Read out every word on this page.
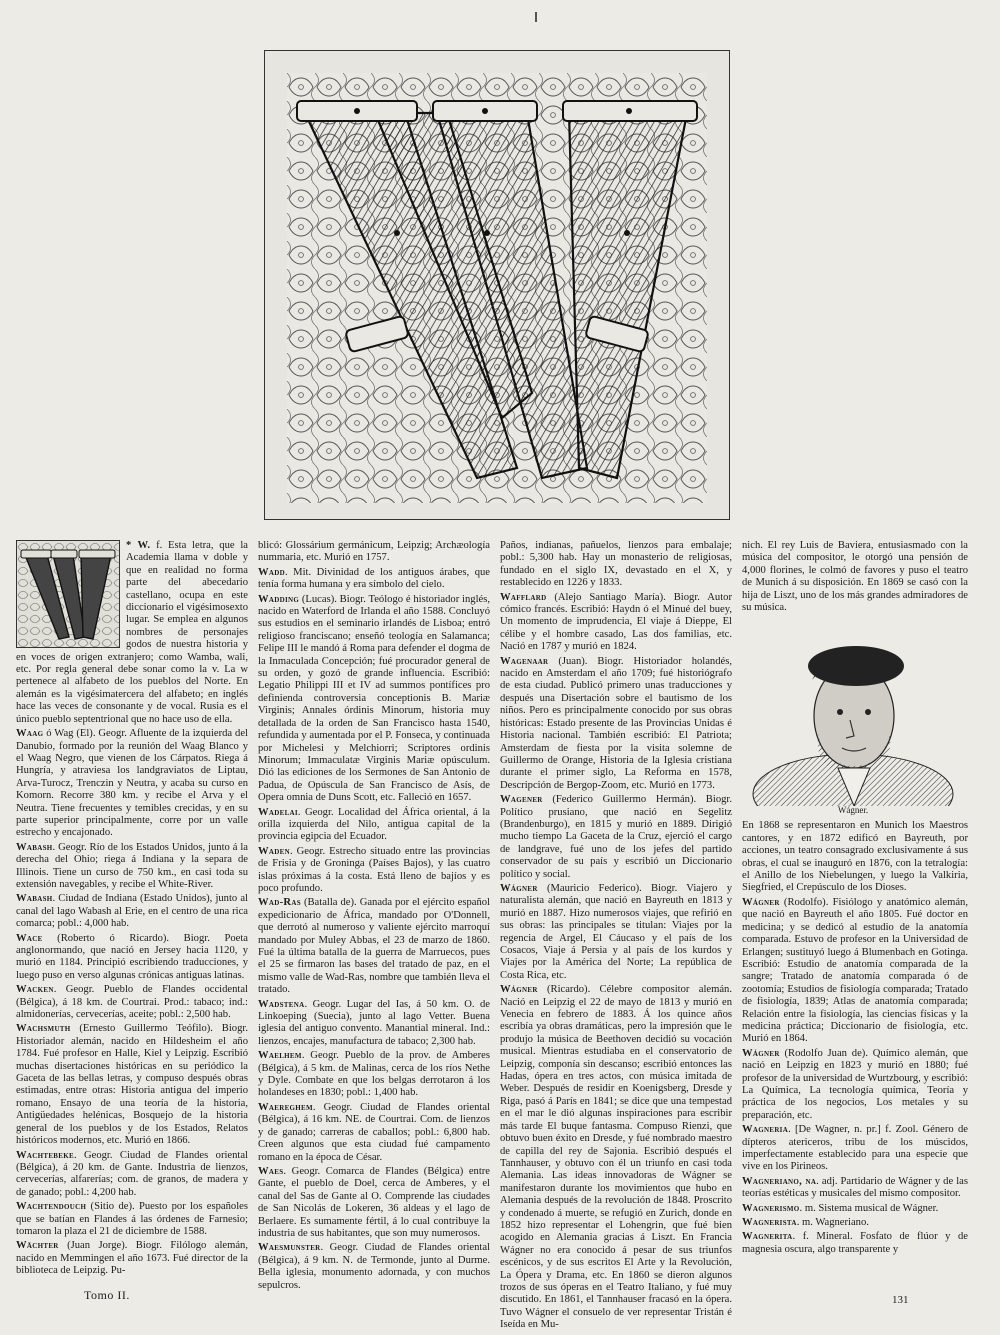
* W. f. Esta letra, que la Academia llama v doble y que en realidad no forma parte del abecedario castellano, ocupa en este diccionario el vigésimosexto lugar. Se emplea en algunos nombres de personajes godos de nuestra historia y en voces de origen extranjero; como Wamba, wali, etc. Por regla general debe sonar como la v. La w pertenece al alfabeto de los pueblos del Norte. En alemán es la vigésimatercera del alfabeto; en inglés hace las veces de consonante y de vocal. Rusia es el único pueblo septentrional que no hace uso de ella.

Waag ó Wag (El). Geogr. Afluente de la izquierda del Danubio, formado por la reunión del Waag Blanco y el Waag Negro, que vienen de los Cárpatos. Riega á Hungría, y atraviesa los landgraviatos de Liptau, Arva-Turocz, Trenczin y Neutra, y acaba su curso en Komorn. Recorre 380 km. y recibe el Arva y el Neutra. Tiene frecuentes y temibles crecidas, y en su parte superior principalmente, corre por un valle estrecho y encajonado.

Wabash. Geogr. Río de los Estados Unidos, junto á la derecha del Ohio; riega á Indiana y la separa de Illinois. Tiene un curso de 750 km., en casi toda su extensión navegables, y recibe el White-River.

Wabash. Ciudad de Indiana (Estado Unidos), junto al canal del lago Wabash al Erie, en el centro de una rica comarca; pobl.: 4,000 hab.

Wace (Roberto ó Ricardo). Biogr. Poeta anglonormando, que nació en Jersey hacia 1120, y murió en 1184. Principió escribiendo traducciones, y luego puso en verso algunas crónicas antiguas latinas.

Wacken. Geogr. Pueblo de Flandes occidental (Bélgica), á 18 km. de Courtrai. Prod.: tabaco; ind.: almidonerías, cervecerías, aceite; pobl.: 2,500 hab.

Wachsmuth (Ernesto Guillermo Teófilo). Biogr. Historiador alemán, nacido en Hildesheim el año 1784. Fué profesor en Halle, Kiel y Leipzig. Escribió muchas disertaciones históricas en su periódico la Gaceta de las bellas letras, y compuso después obras estimadas, entre otras: Historia antigua del imperio romano, Ensayo de una teoría de la historia, Antigüedades helénicas, Bosquejo de la historia general de los pueblos y de los Estados, Relatos históricos modernos, etc. Murió en 1866.

Wachtebeke. Geogr. Ciudad de Flandes oriental (Bélgica), á 20 km. de Gante. Industria de lienzos, cervecerías, alfarerías; com. de granos, de madera y de ganado; pobl.: 4,200 hab.

Wachtendouch (Sitio de). Puesto por los españoles que se batían en Flandes á las órdenes de Farnesio; tomaron la plaza el 21 de diciembre de 1588.

Wächter (Juan Jorge). Biogr. Filólogo alemán, nacido en Memmingen el año 1673. Fué director de la biblioteca de Leipzig. Pu-

blicó: Glossárium germánicum, Leipzig; Archæología nummaria, etc. Murió en 1757.

Wadd. Mit. Divinidad de los antiguos árabes, que tenía forma humana y era símbolo del cielo.

Wadding (Lucas). Biogr. Teólogo é historiador inglés, nacido en Waterford de Irlanda el año 1588. Concluyó sus estudios en el seminario irlandés de Lisboa; entró religioso franciscano; enseñó teología en Salamanca; Felipe III le mandó á Roma para defender el dogma de la Inmaculada Concepción; fué procurador general de su orden, y gozó de grande influencia. Escribió: Legatio Philippi III et IV ad summos pontífices pro definienda controversia conceptionis B. Mariæ Virginis; Annales órdinis Minorum, historia muy detallada de la orden de San Francisco hasta 1540, refundida y aumentada por el P. Fonseca, y continuada por Michelesi y Melchiorri; Scriptores ordinis Minorum; Immaculatæ Virginis Mariæ opúsculum. Dió las ediciones de los Sermones de San Antonio de Padua, de Opúscula de San Francisco de Asís, de Opera omnia de Duns Scott, etc. Falleció en 1657.

Wadelai. Geogr. Localidad del África oriental, á la orilla izquierda del Nilo, antigua capital de la provincia egipcia del Ecuador.

Waden. Geogr. Estrecho situado entre las provincias de Frisia y de Groninga (Países Bajos), y las cuatro islas próximas á la costa. Está lleno de bajíos y es poco profundo.

Wad-Ras (Batalla de). Ganada por el ejército español expedicionario de África, mandado por O'Donnell, que derrotó al numeroso y valiente ejército marroquí mandado por Muley Abbas, el 23 de marzo de 1860. Fué la última batalla de la guerra de Marruecos, pues el 25 se firmaron las bases del tratado de paz, en el mismo valle de Wad-Ras, nombre que también lleva el tratado.

Wadstena. Geogr. Lugar del Ias, á 50 km. O. de Linkoeping (Suecia), junto al lago Vetter. Buena iglesia del antiguo convento. Manantial mineral. Ind.: lienzos, encajes, manufactura de tabaco; 2,300 hab.

Waelhem. Geogr. Pueblo de la prov. de Amberes (Bélgica), á 5 km. de Malinas, cerca de los ríos Nethe y Dyle. Combate en que los belgas derrotaron á los holandeses en 1830; pobl.: 1,400 hab.

Waereghem. Geogr. Ciudad de Flandes oriental (Bélgica), á 16 km. NE. de Courtrai. Com. de lienzos y de ganado; carreras de caballos; pobl.: 6,800 hab. Creen algunos que esta ciudad fué campamento romano en la época de César.

Waes. Geogr. Comarca de Flandes (Bélgica) entre Gante, el pueblo de Doel, cerca de Amberes, y el canal del Sas de Gante al O. Comprende las ciudades de San Nicolás de Lokeren, 36 aldeas y el lago de Berlaere. Es sumamente fértil, á lo cual contribuye la industria de sus habitantes, que son muy numerosos.

Waesmunster. Geogr. Ciudad de Flandes oriental (Bélgica), á 9 km. N. de Termonde, junto al Durme. Bella iglesia, monumento adornada, y con muchos sepulcros.

Paños, indianas, pañuelos, lienzos para embalaje; pobl.: 5,300 hab. Hay un monasterio de religiosas, fundado en el siglo IX, devastado en el X, y restablecido en 1226 y 1833.

Wafflard (Alejo Santiago María). Biogr. Autor cómico francés. Escribió: Haydn ó el Minué del buey, Un momento de imprudencia, El viaje á Dieppe, El célibe y el hombre casado, Las dos familias, etc. Nació en 1787 y murió en 1824.

Wagenaar (Juan). Biogr. Historiador holandés, nacido en Amsterdam el año 1709; fué historiógrafo de esta ciudad. Publicó primero unas traducciones y después una Disertación sobre el bautismo de los niños. Pero es principalmente conocido por sus obras históricas: Estado presente de las Provincias Unidas é Historia nacional. También escribió: El Patriota; Amsterdam de fiesta por la visita solemne de Guillermo de Orange, Historia de la Iglesia cristiana durante el primer siglo, La Reforma en 1578, Descripción de Bergop-Zoom, etc. Murió en 1773.

Wagener (Federico Guillermo Hermán). Biogr. Político prusiano, que nació en Segelitz (Brandenburgo), en 1815 y murió en 1889. Dirigió mucho tiempo La Gaceta de la Cruz, ejerció el cargo de landgrave, fué uno de los jefes del partido conservador de su país y escribió un Diccionario político y social.

Wágner (Mauricio Federico). Biogr. Viajero y naturalista alemán, que nació en Bayreuth en 1813 y murió en 1887. Hizo numerosos viajes, que refirió en sus obras: las principales se titulan: Viajes por la regencia de Argel, El Cáucaso y el país de los Cosacos, Viaje á Persia y al país de los kurdos y Viajes por la América del Norte; La república de Costa Rica, etc.

Wágner (Ricardo). Célebre compositor alemán. Nació en Leipzig el 22 de mayo de 1813 y murió en Venecia en febrero de 1883. Á los quince años escribía ya obras dramáticas, pero la impresión que le produjo la música de Beethoven decidió su vocación musical. Mientras estudiaba en el conservatorio de Leipzig, componía sin descanso; escribió entonces las Hadas, ópera en tres actos, con música imitada de Weber. Después de residir en Koenigsberg, Dresde y Riga, pasó á París en 1841; se dice que una tempestad en el mar le dió algunas inspiraciones para escribir más tarde El buque fantasma. Compuso Rienzi, que obtuvo buen éxito en Dresde, y fué nombrado maestro de capilla del rey de Sajonia. Escribió después el Tannhauser, y obtuvo con él un triunfo en casi toda Alemania. Las ideas innovadoras de Wágner se manifestaron durante los movimientos que hubo en Alemania después de la revolución de 1848. Proscrito y condenado á muerte, se refugió en Zurich, donde en 1852 hizo representar el Lohengrin, que fué bien acogido en Alemania gracias á Liszt. En Francia Wágner no era conocido á pesar de sus triunfos escénicos, y de sus escritos El Arte y la Revolución, La Ópera y Drama, etc. En 1860 se dieron algunos trozos de sus óperas en el Teatro Italiano, y fué muy discutido. En 1861, el Tannhauser fracasó en la ópera. Tuvo Wágner el consuelo de ver representar Tristán é Iseída en Mu-

nich. El rey Luis de Baviera, entusiasmado con la música del compositor, le otorgó una pensión de 4,000 florines, le colmó de favores y puso el teatro de Munich á su disposición. En 1869 se casó con la hija de Liszt, uno de los más grandes admiradores de su música.

Wágner.

En 1868 se representaron en Munich los Maestros cantores, y en 1872 edificó en Bayreuth, por acciones, un teatro consagrado exclusivamente á sus obras, el cual se inauguró en 1876, con la tetralogía: el Anillo de los Niebelungen, y luego la Valkiria, Siegfried, el Crepúsculo de los Dioses.

Wágner (Rodolfo). Fisiólogo y anatómico alemán, que nació en Bayreuth el año 1805. Fué doctor en medicina; y se dedicó al estudio de la anatomía comparada. Estuvo de profesor en la Universidad de Erlangen; sustituyó luego á Blumenbach en Gotinga. Escribió: Estudio de anatomía comparada de la sangre; Tratado de anatomía comparada ó de zootomía; Estudios de fisiología comparada; Tratado de fisiología, 1839; Atlas de anatomía comparada; Relación entre la fisiología, las ciencias físicas y la medicina práctica; Diccionario de fisiología, etc. Murió en 1864.

Wágner (Rodolfo Juan de). Químico alemán, que nació en Leipzig en 1823 y murió en 1880; fué profesor de la universidad de Wurtzbourg, y escribió: La Química, La tecnología química, Teoría y práctica de los negocios, Los metales y su preparación, etc.

Wagneria. [De Wagner, n. pr.] f. Zool. Género de dípteros atericeros, tribu de los múscidos, imperfectamente establecido para una especie que vive en los Pirineos.

Wagneriano, na. adj. Partidario de Wágner y de las teorías estéticas y musicales del mismo compositor.

Wagnerismo. m. Sistema musical de Wágner.

Wagnerista. m. Wagneriano.

Wagnerita. f. Mineral. Fosfato de flúor y de magnesia oscura, algo transparente y

Tomo II.	131
